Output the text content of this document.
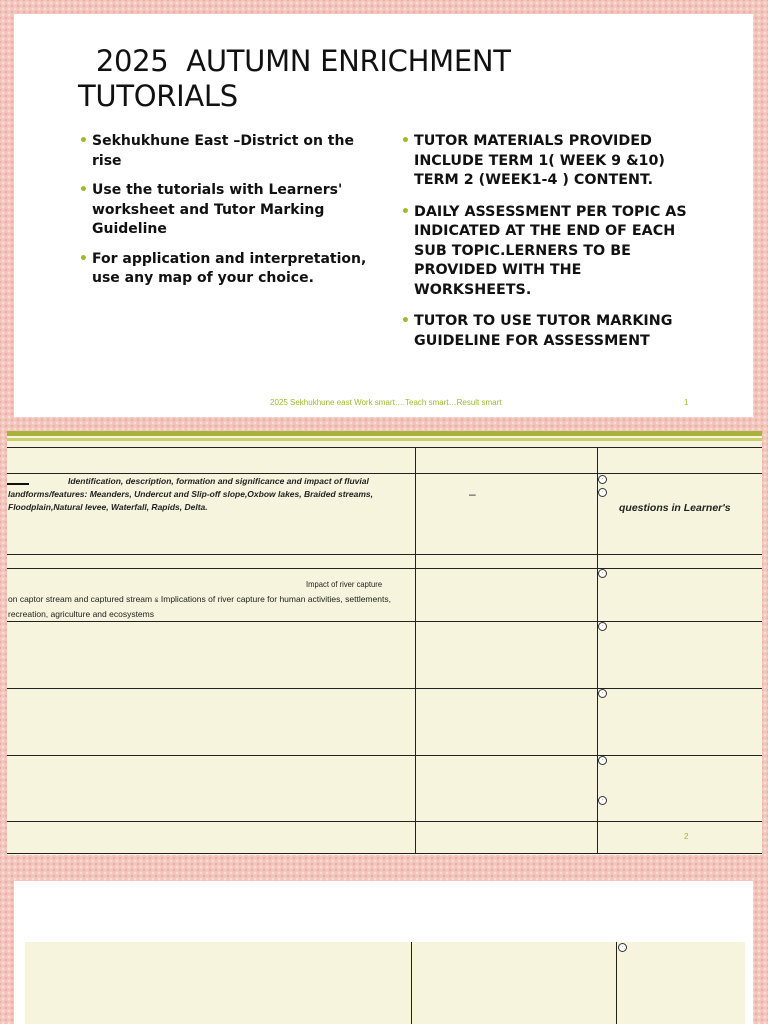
2025  AUTUMN ENRICHMENT
TUTORIALS
• Sekhukhune East –District on the rise
• Use the tutorials with Learners' worksheet and Tutor Marking Guideline
• For application and interpretation, use any map of your choice.
• TUTOR MATERIALS PROVIDED INCLUDE TERM 1( WEEK 9 &10) TERM 2 (WEEK1-4 ) CONTENT.
• DAILY ASSESSMENT PER TOPIC AS INDICATED AT THE END OF EACH SUB TOPIC.LERNERS TO BE PROVIDED WITH THE WORKSHEETS.
• TUTOR TO USE TUTOR MARKING GUIDELINE FOR ASSESSMENT
2025 Sekhukhune east Work smart….Teach smart…Result smart	1
Identification, description, formation and significance and impact of fluvial landforms/features: Meanders, Undercut and Slip-off slope,Oxbow lakes, Braided streams, Floodplain,Natural levee, Waterfall, Rapids, Delta.
–
questions in Learner's
Impact of river capture
on captor stream and captured stream & Implications of river capture for human activities, settlements, recreation, agriculture and ecosystems
·
·
·
·
·
·
·
2
·
